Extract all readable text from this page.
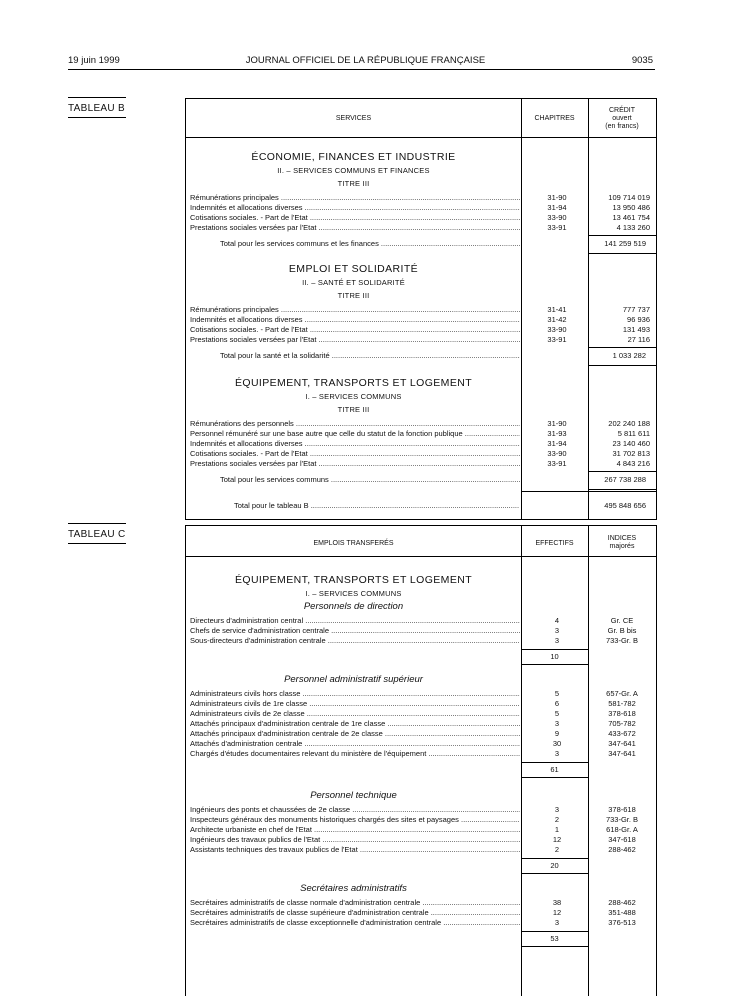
19 juin 1999	JOURNAL OFFICIEL DE LA RÉPUBLIQUE FRANÇAISE	9035
TABLEAU B
SERVICES	CHAPITRES
CRÉDIT
ouvert
(en francs)
ÉCONOMIE, FINANCES ET INDUSTRIE
II. – SERVICES COMMUNS ET FINANCES
TITRE III
Rémunérations principales .....	31-90	109 714 019
Indemnités et allocations diverses .....	31-94	13 950 486
Cotisations sociales. - Part de l'Etat .....	33-90	13 461 754
Prestations sociales versées par l'Etat .....	33-91	4 133 260
Total pour les services communs et les finances .....	141 259 519
EMPLOI ET SOLIDARITÉ
II. – SANTÉ ET SOLIDARITÉ
TITRE III
Rémunérations principales .....	31-41	777 737
Indemnités et allocations diverses .....	31-42	96 936
Cotisations sociales. - Part de l'Etat .....	33-90	131 493
Prestations sociales versées par l'Etat .....	33-91	27 116
Total pour la santé et la solidarité .....	1 033 282
ÉQUIPEMENT, TRANSPORTS ET LOGEMENT
I. – SERVICES COMMUNS
TITRE III
Rémunérations des personnels .....	31-90	202 240 188
Personnel rémunéré sur une base autre que celle du statut de la fonction publique .....	31-93	5 811 611
Indemnités et allocations diverses .....	31-94	23 140 460
Cotisations sociales. - Part de l'Etat .....	33-90	31 702 813
Prestations sociales versées par l'Etat .....	33-91	4 843 216
Total pour les services communs .....	267 738 288
Total pour le tableau B .....	495 848 656
TABLEAU C
EMPLOIS TRANSFERÉS	EFFECTIFS
INDICES
majorés
ÉQUIPEMENT, TRANSPORTS ET LOGEMENT
I. – SERVICES COMMUNS
Personnels de direction
Directeurs d'administration central .....	4	Gr. CE
Chefs de service d'administration centrale .....	3	Gr. B bis
Sous-directeurs d'administration centrale .....	3	733-Gr. B
10
Personnel administratif supérieur
Administrateurs civils hors classe .....	5	657-Gr. A
Administrateurs civils de 1re classe .....	6	581-782
Administrateurs civils de 2e classe .....	5	378-618
Attachés principaux d'administration centrale de 1re classe .....	3	705-782
Attachés principaux d'administration centrale de 2e classe .....	9	433-672
Attachés d'administration centrale .....	30	347-641
Chargés d'études documentaires relevant du ministère de l'équipement .....	3	347-641
61
Personnel technique
Ingénieurs des ponts et chaussées de 2e classe .....	3	378-618
Inspecteurs généraux des monuments historiques chargés des sites et paysages .....	2	733-Gr. B
Architecte urbaniste en chef de l'Etat .....	1	618-Gr. A
Ingénieurs des travaux publics de l'Etat .....	12	347-618
Assistants techniques des travaux publics de l'Etat .....	2	288-462
20
Secrétaires administratifs
Secrétaires administratifs de classe normale d'administration centrale .....	38	288-462
Secrétaires administratifs de classe supérieure d'administration centrale .....	12	351-488
Secrétaires administratifs de classe exceptionnelle d'administration centrale .....	3	376-513
53
